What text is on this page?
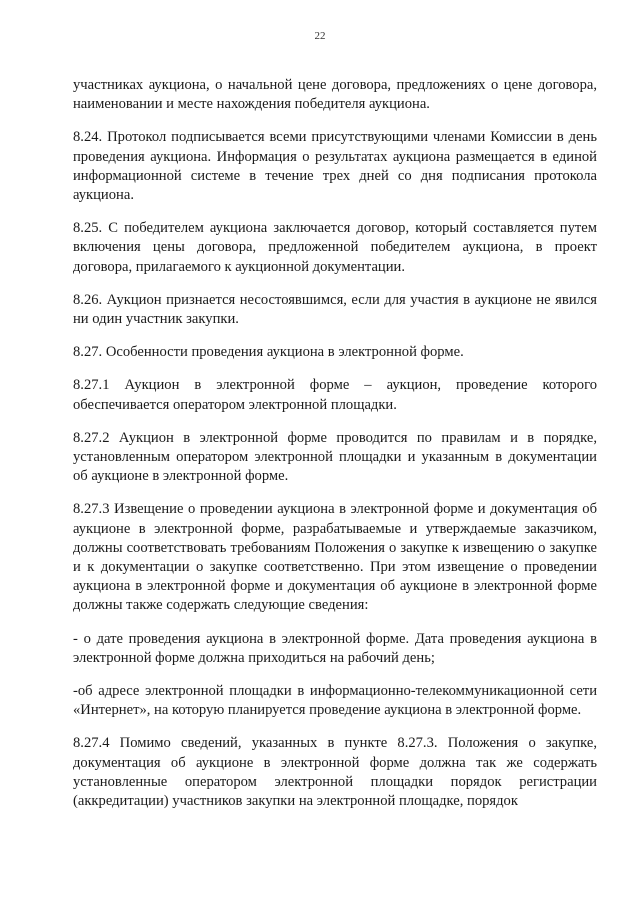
22

участниках аукциона, о начальной цене договора, предложениях о цене договора, наименовании и месте нахождения победителя аукциона.

8.24. Протокол подписывается всеми присутствующими членами Комиссии в день проведения аукциона. Информация о результатах аукциона размещается в единой информационной системе в течение трех дней со дня подписания протокола аукциона.

8.25. С победителем аукциона заключается договор, который составляется путем включения цены договора, предложенной победителем аукциона, в проект договора, прилагаемого к аукционной документации.

8.26. Аукцион признается несостоявшимся, если для участия в аукционе не явился ни один участник закупки.

8.27. Особенности проведения аукциона в электронной форме.

8.27.1 Аукцион в электронной форме – аукцион, проведение которого обеспечивается оператором электронной площадки.

8.27.2 Аукцион в электронной форме проводится по правилам и в порядке, установленным оператором электронной площадки и указанным в документации об аукционе в электронной форме.

8.27.3 Извещение о проведении аукциона в электронной форме и документация об аукционе в электронной форме, разрабатываемые и утверждаемые заказчиком, должны соответствовать требованиям Положения о закупке к извещению о закупке и к документации о закупке соответственно. При этом извещение о проведении аукциона в электронной форме и документация об аукционе в электронной форме должны также содержать следующие сведения:

- о дате проведения аукциона в электронной форме. Дата проведения аукциона в электронной форме должна приходиться на рабочий день;

-об адресе электронной площадки в информационно-телекоммуникационной сети «Интернет», на которую планируется проведение аукциона в электронной форме.

8.27.4 Помимо сведений, указанных в пункте 8.27.3. Положения о закупке, документация об аукционе в электронной форме должна так же содержать установленные оператором электронной площадки порядок регистрации (аккредитации) участников закупки на электронной площадке, порядок
